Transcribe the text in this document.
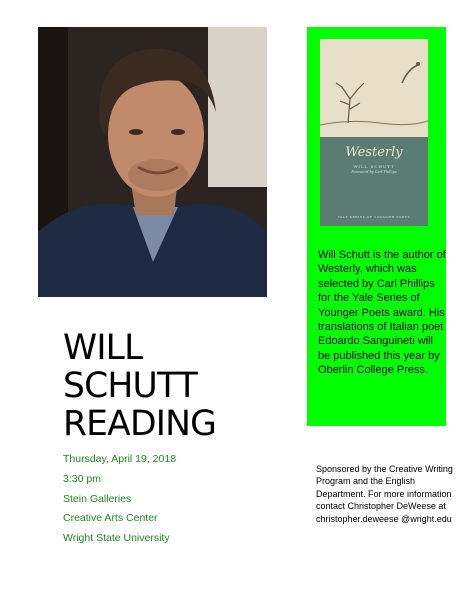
Westerly
WILL SCHUTT
Foreword by Carl Phillips
YALE SERIES OF YOUNGER POETS
Will Schutt is the author of Westerly, which was selected by Carl Phillips for the Yale Series of Younger Poets award. His translations of Italian poet Edoardo Sanguineti will be published this year by Oberlin College Press.
WILL
SCHUTT
READING
Thursday, April 19, 2018
3:30 pm
Stein Galleries
Creative Arts Center
Wright State University
Sponsored by the Creative Writing Program and the English Department. For more information contact Christopher DeWeese at christopher.deweese @wright.edu
